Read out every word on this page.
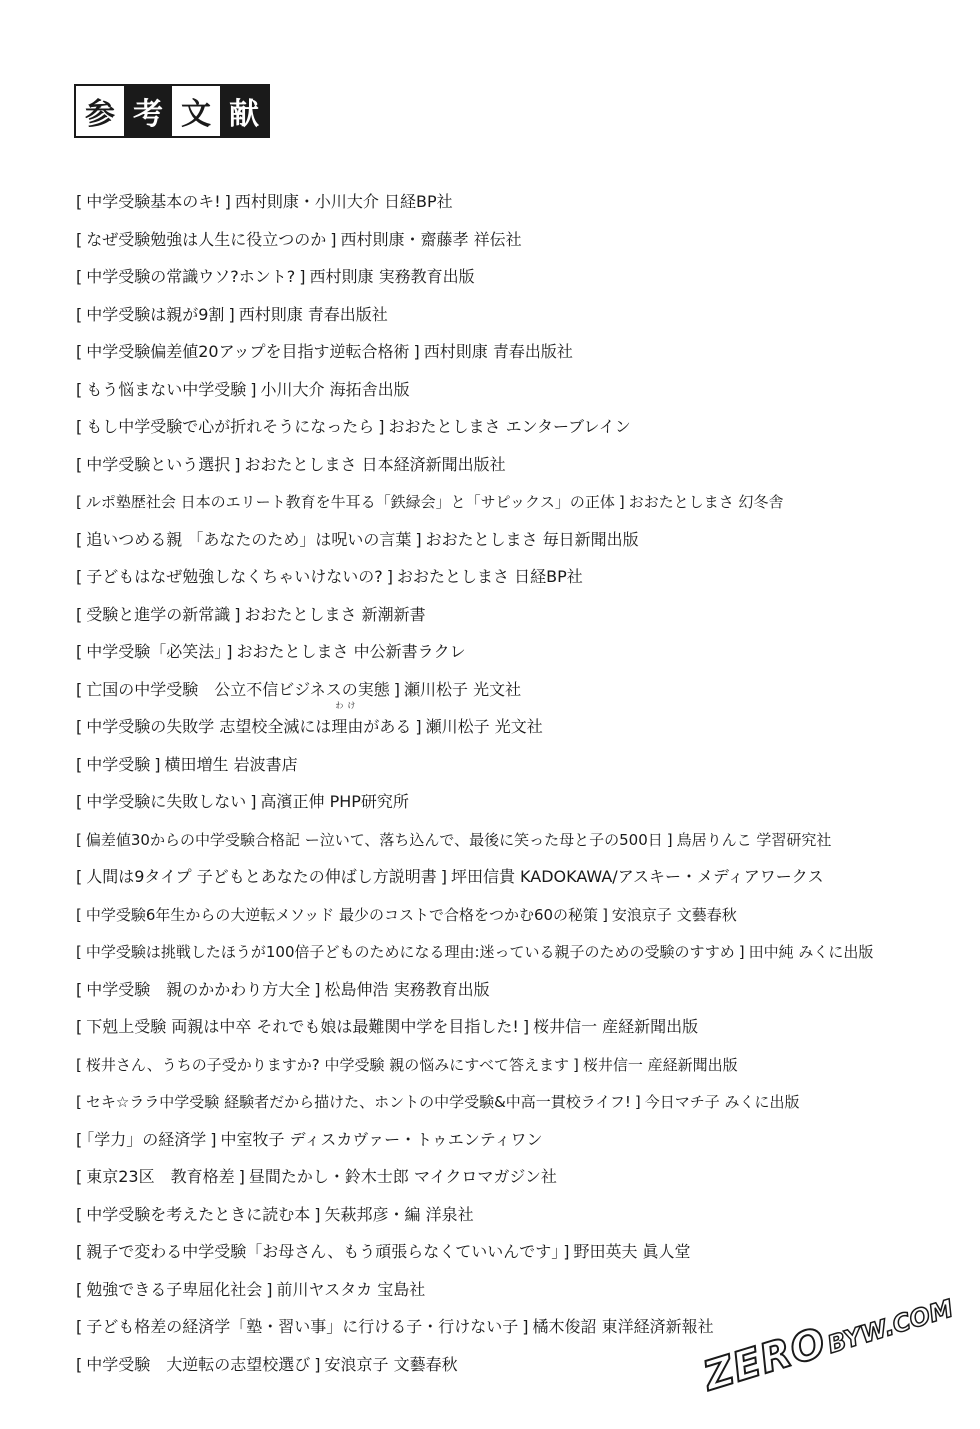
参 考 文 献
[ 中学受験基本のキ! ] 西村則康・小川大介 日経BP社
[ なぜ受験勉強は人生に役立つのか ] 西村則康・齋藤孝 祥伝社
[ 中学受験の常識ウソ?ホント? ] 西村則康 実務教育出版
[ 中学受験は親が9割 ] 西村則康 青春出版社
[ 中学受験偏差値20アップを目指す逆転合格術 ] 西村則康 青春出版社
[ もう悩まない中学受験 ] 小川大介 海拓舎出版
[ もし中学受験で心が折れそうになったら ] おおたとしまさ エンターブレイン
[ 中学受験という選択 ] おおたとしまさ 日本経済新聞出版社
[ ルポ塾歴社会 日本のエリート教育を牛耳る「鉄緑会」と「サピックス」の正体 ] おおたとしまさ 幻冬舎
[ 追いつめる親 「あなたのため」は呪いの言葉 ] おおたとしまさ 毎日新聞出版
[ 子どもはなぜ勉強しなくちゃいけないの? ] おおたとしまさ 日経BP社
[ 受験と進学の新常識 ] おおたとしまさ 新潮新書
[ 中学受験「必笑法」 ] おおたとしまさ 中公新書ラクレ
[ 亡国の中学受験　公立不信ビジネスの実態 ] 瀬川松子 光文社
[ 中学受験の失敗学 志望校全滅には
わけ
理由がある ] 瀬川松子 光文社
[ 中学受験 ] 横田増生 岩波書店
[ 中学受験に失敗しない ] 高濱正伸 PHP研究所
[ 偏差値30からの中学受験合格記 ー泣いて、落ち込んで、最後に笑った母と子の500日 ] 鳥居りんこ 学習研究社
[ 人間は9タイプ 子どもとあなたの伸ばし方説明書 ] 坪田信貴 KADOKAWA/アスキー・メディアワークス
[ 中学受験6年生からの大逆転メソッド 最少のコストで合格をつかむ60の秘策 ] 安浪京子 文藝春秋
[ 中学受験は挑戦したほうが100倍子どものためになる理由:迷っている親子のための受験のすすめ ] 田中純 みくに出版
[ 中学受験　親のかかわり方大全 ] 松島伸浩 実務教育出版
[ 下剋上受験 両親は中卒 それでも娘は最難関中学を目指した! ] 桜井信一 産経新聞出版
[ 桜井さん、うちの子受かりますか? 中学受験 親の悩みにすべて答えます ] 桜井信一 産経新聞出版
[ セキ☆ララ中学受験 経験者だから描けた、ホントの中学受験&中高一貫校ライフ! ] 今日マチ子 みくに出版
[ 「学力」の経済学 ] 中室牧子 ディスカヴァー・トゥエンティワン
[ 東京23区　教育格差 ] 昼間たかし・鈴木士郎 マイクロマガジン社
[ 中学受験を考えたときに読む本 ] 矢萩邦彦・編 洋泉社
[ 親子で変わる中学受験「お母さん、もう頑張らなくていいんです」 ] 野田英夫 眞人堂
[ 勉強できる子卑屈化社会 ] 前川ヤスタカ 宝島社
[ 子ども格差の経済学「塾・習い事」に行ける子・行けない子 ] 橘木俊詔 東洋経済新報社
[ 中学受験　大逆転の志望校選び ] 安浪京子 文藝春秋	ZERO
BYW.COM
